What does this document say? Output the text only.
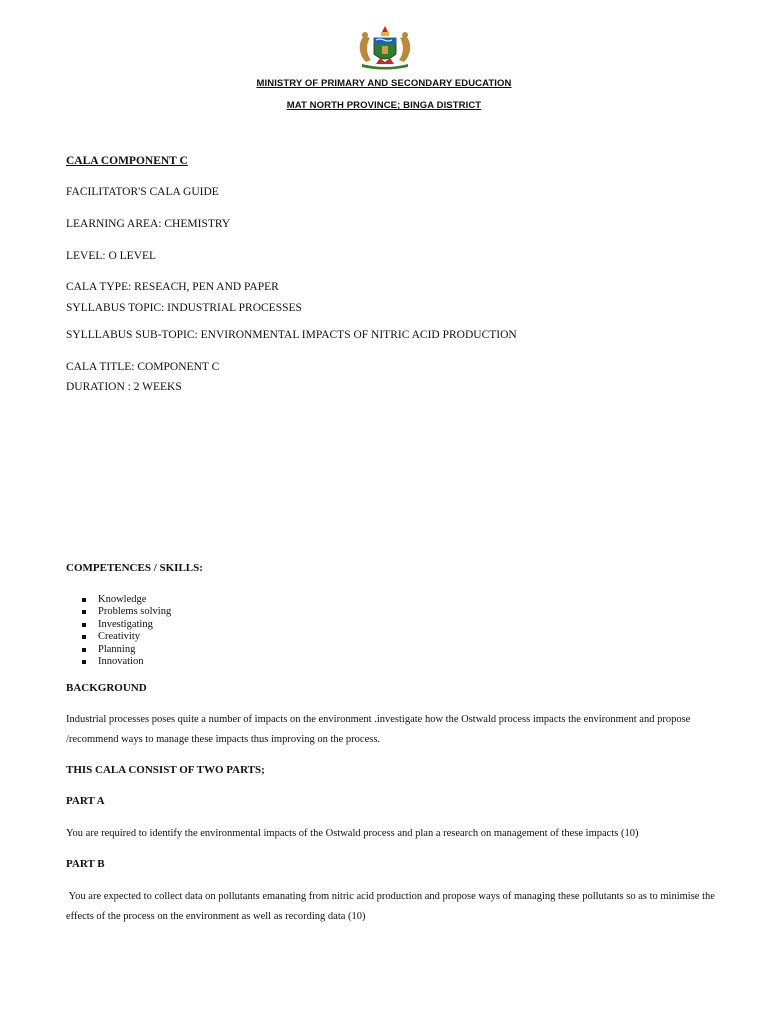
MINISTRY OF PRIMARY AND SECONDARY EDUCATION

MAT NORTH PROVINCE; BINGA DISTRICT

CALA COMPONENT C

FACILITATOR'S CALA GUIDE

LEARNING AREA: CHEMISTRY

LEVEL: O LEVEL

CALA TYPE: RESEACH, PEN AND PAPER

SYLLABUS TOPIC: INDUSTRIAL PROCESSES

SYLLLABUS SUB-TOPIC: ENVIRONMENTAL IMPACTS OF NITRIC ACID PRODUCTION

CALA TITLE: COMPONENT C

DURATION : 2 WEEKS

COMPETENCES / SKILLS:

Knowledge
Problems solving
Investigating
Creativity
Planning
Innovation

BACKGROUND

Industrial processes poses quite a number of impacts on the environment .investigate how the Ostwald process impacts the environment and propose /recommend ways to manage these impacts thus improving on the process.

THIS CALA CONSIST OF TWO PARTS;

PART A

You are required to identify the environmental impacts of the Ostwald process and plan a research on management of these impacts (10)

PART B

You are expected to collect data on pollutants emanating from nitric acid production and propose ways of managing these pollutants so as to minimise the effects of the process on the environment as well as recording data (10)
